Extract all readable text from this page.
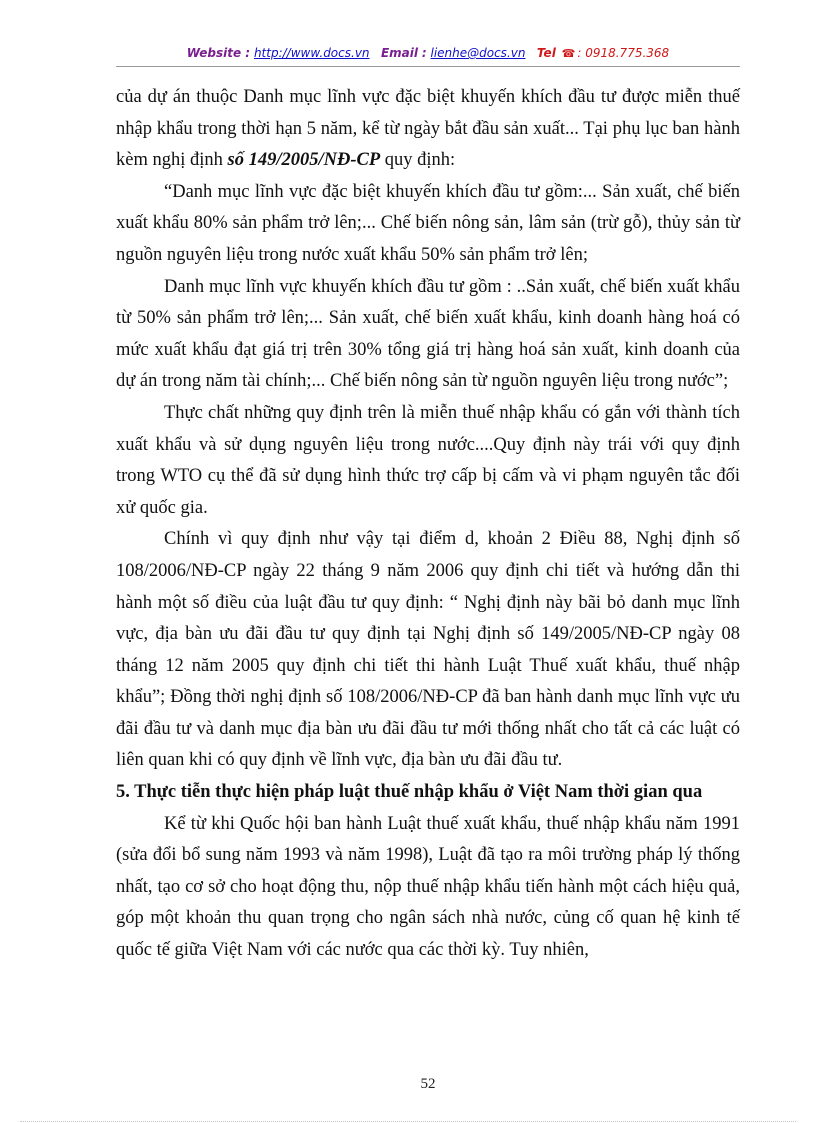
Website : http://www.docs.vn Email : lienhe@docs.vn Tel ☎ : 0918.775.368

của dự án thuộc Danh mục lĩnh vực đặc biệt khuyến khích đầu tư được miễn thuế nhập khẩu trong thời hạn 5 năm, kể từ ngày bắt đầu sản xuất... Tại phụ lục ban hành kèm nghị định số 149/2005/NĐ-CP quy định:

“Danh mục lĩnh vực đặc biệt khuyến khích đầu tư gồm:... Sản xuất, chế biến xuất khẩu 80% sản phẩm trở lên;... Chế biến nông sản, lâm sản (trừ gỗ), thủy sản từ nguồn nguyên liệu trong nước xuất khẩu 50% sản phẩm trở lên;

Danh mục lĩnh vực khuyến khích đầu tư gồm : ..Sản xuất, chế biến xuất khẩu từ 50% sản phẩm trở lên;... Sản xuất, chế biến xuất khẩu, kinh doanh hàng hoá có mức xuất khẩu đạt giá trị trên 30% tổng giá trị hàng hoá sản xuất, kinh doanh của dự án trong năm tài chính;... Chế biến nông sản từ nguồn nguyên liệu trong nước”;

Thực chất những quy định trên là miễn thuế nhập khẩu có gắn với thành tích xuất khẩu và sử dụng nguyên liệu trong nước....Quy định này trái với quy định trong WTO cụ thể đã sử dụng hình thức trợ cấp bị cấm và vi phạm nguyên tắc đối xử quốc gia.

Chính vì quy định như vậy tại điểm d, khoản 2 Điều 88, Nghị định số 108/2006/NĐ-CP ngày 22 tháng 9 năm 2006 quy định chi tiết và hướng dẫn thi hành một số điều của luật đầu tư quy định: “ Nghị định này bãi bỏ danh mục lĩnh vực, địa bàn ưu đãi đầu tư quy định tại Nghị định số 149/2005/NĐ-CP ngày 08 tháng 12 năm 2005 quy định chi tiết thi hành Luật Thuế xuất khẩu, thuế nhập khẩu”; Đồng thời nghị định số 108/2006/NĐ-CP đã ban hành danh mục lĩnh vực ưu đãi đầu tư và danh mục địa bàn ưu đãi đầu tư mới thống nhất cho tất cả các luật có liên quan khi có quy định về lĩnh vực, địa bàn ưu đãi đầu tư.

5. Thực tiễn thực hiện pháp luật thuế nhập khẩu ở Việt Nam thời gian qua

Kể từ khi Quốc hội ban hành Luật thuế xuất khẩu, thuế nhập khẩu năm 1991 (sửa đổi bổ sung năm 1993 và năm 1998), Luật đã tạo ra môi trường pháp lý thống nhất, tạo cơ sở cho hoạt động thu, nộp thuế nhập khẩu tiến hành một cách hiệu quả, góp một khoản thu quan trọng cho ngân sách nhà nước, củng cố quan hệ kinh tế quốc tế giữa Việt Nam với các nước qua các thời kỳ. Tuy nhiên,

52
